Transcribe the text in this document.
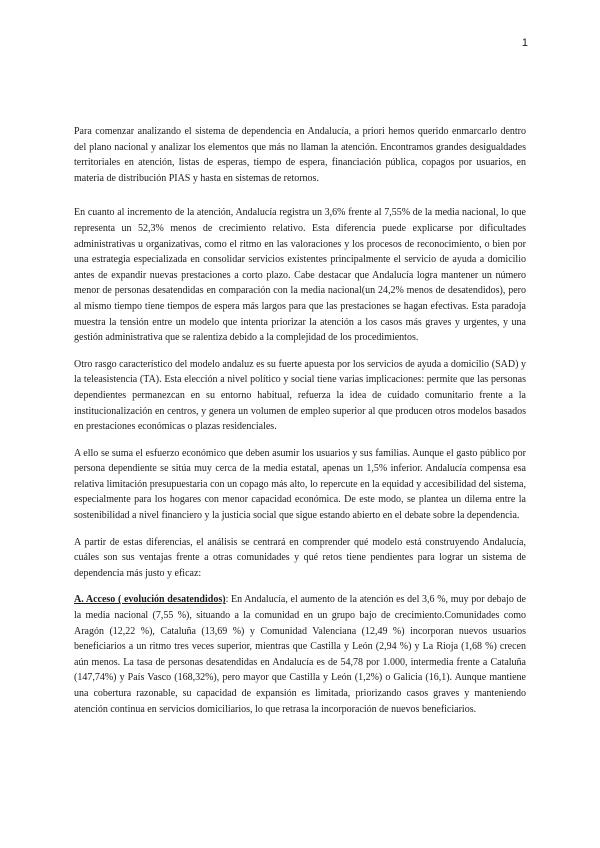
1

Para comenzar analizando el sistema de dependencia en Andalucía, a priori hemos querido enmarcarlo dentro del plano nacional y analizar los elementos que más no llaman la atención. Encontramos grandes desigualdades territoriales en atención, listas de esperas, tiempo de espera, financiación pública, copagos por usuarios, en materia de distribución PIAS y hasta en sistemas de retornos.

En cuanto al incremento de la atención, Andalucía registra un 3,6% frente al 7,55% de la media nacional, lo que representa un 52,3% menos de crecimiento relativo. Esta diferencia puede explicarse por dificultades administrativas u organizativas, como el ritmo en las valoraciones y los procesos de reconocimiento, o bien por una estrategia especializada en consolidar servicios existentes principalmente el servicio de ayuda a domicilio antes de expandir nuevas prestaciones a corto plazo. Cabe destacar que Andalucía logra mantener un número menor de personas desatendidas en comparación con la media nacional(un 24,2% menos de desatendidos), pero al mismo tiempo tiene tiempos de espera más largos para que las prestaciones se hagan efectivas. Esta paradoja muestra la tensión entre un modelo que intenta priorizar la atención a los casos más graves y urgentes, y una gestión administrativa que se ralentiza debido a la complejidad de los procedimientos.

Otro rasgo característico del modelo andaluz es su fuerte apuesta por los servicios de ayuda a domicilio (SAD) y la teleasistencia (TA). Esta elección a nivel político y social tiene varias implicaciones: permite que las personas dependientes permanezcan en su entorno habitual, refuerza la idea de cuidado comunitario frente a la institucionalización en centros, y genera un volumen de empleo superior al que producen otros modelos basados en prestaciones económicas o plazas residenciales.

A ello se suma el esfuerzo económico que deben asumir los usuarios y sus familias. Aunque el gasto público por persona dependiente se sitúa muy cerca de la media estatal, apenas un 1,5% inferior. Andalucía compensa esa relativa limitación presupuestaria con un copago más alto, lo repercute en la equidad y accesibilidad del sistema, especialmente para los hogares con menor capacidad económica. De este modo, se plantea un dilema entre la sostenibilidad a nivel financiero y la justicia social que sigue estando abierto en el debate sobre la dependencia.

A partir de estas diferencias, el análisis se centrará en comprender qué modelo está construyendo Andalucía, cuáles son sus ventajas frente a otras comunidades y qué retos tiene pendientes para lograr un sistema de dependencia más justo y eficaz:

A. Acceso ( evolución desatendidos): En Andalucía, el aumento de la atención es del 3,6 %, muy por debajo de la media nacional (7,55 %), situando a la comunidad en un grupo bajo de crecimiento.Comunidades como Aragón (12,22 %), Cataluña (13,69 %) y Comunidad Valenciana (12,49 %) incorporan nuevos usuarios beneficiarios a un ritmo tres veces superior, mientras que Castilla y León (2,94 %) y La Rioja (1,68 %) crecen aún menos. La tasa de personas desatendidas en Andalucía es de 54,78 por 1.000, intermedia frente a Cataluña (147,74%) y País Vasco (168,32%), pero mayor que Castilla y León (1,2%) o Galicia (16,1). Aunque mantiene una cobertura razonable, su capacidad de expansión es limitada, priorizando casos graves y manteniendo atención continua en servicios domiciliarios, lo que retrasa la incorporación de nuevos beneficiarios.
